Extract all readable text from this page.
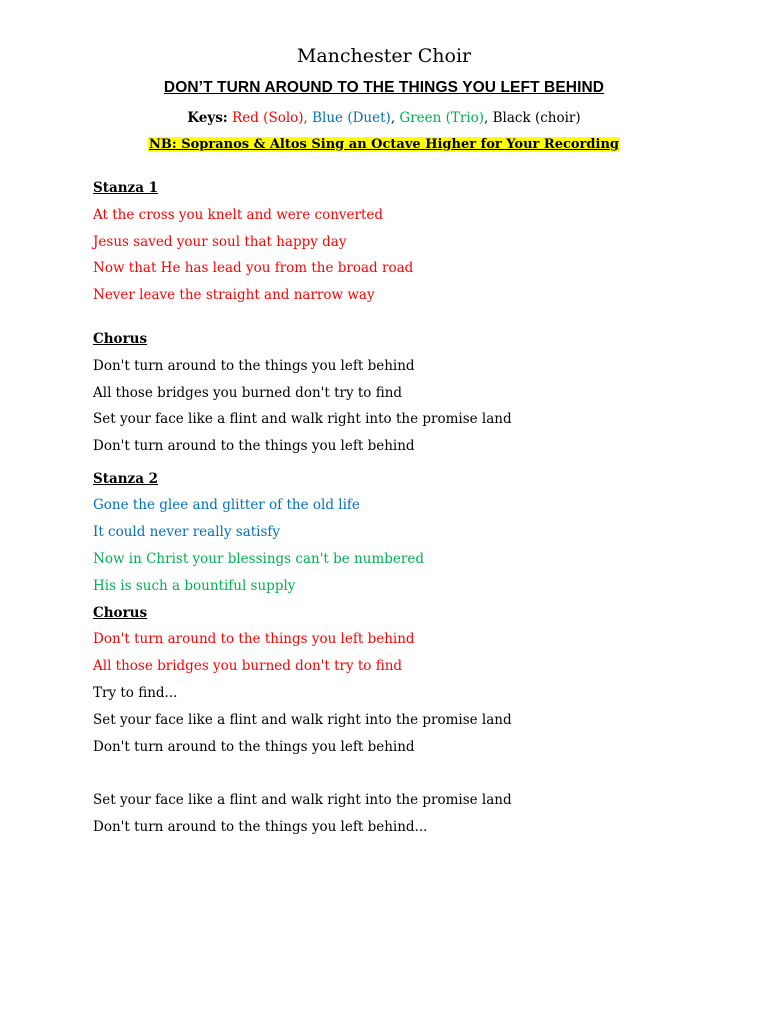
Manchester Choir
DON’T TURN AROUND TO THE THINGS YOU LEFT BEHIND
Keys: Red (Solo), Blue (Duet), Green (Trio), Black (choir)
NB: Sopranos & Altos Sing an Octave Higher for Your Recording
Stanza 1
At the cross you knelt and were converted
Jesus saved your soul that happy day
Now that He has lead you from the broad road
Never leave the straight and narrow way
Chorus
Don't turn around to the things you left behind
All those bridges you burned don't try to find
Set your face like a flint and walk right into the promise land
Don't turn around to the things you left behind
Stanza 2
Gone the glee and glitter of the old life
It could never really satisfy
Now in Christ your blessings can't be numbered
His is such a bountiful supply
Chorus
Don't turn around to the things you left behind
All those bridges you burned don't try to find
Try to find...
Set your face like a flint and walk right into the promise land
Don't turn around to the things you left behind
Set your face like a flint and walk right into the promise land
Don't turn around to the things you left behind...
